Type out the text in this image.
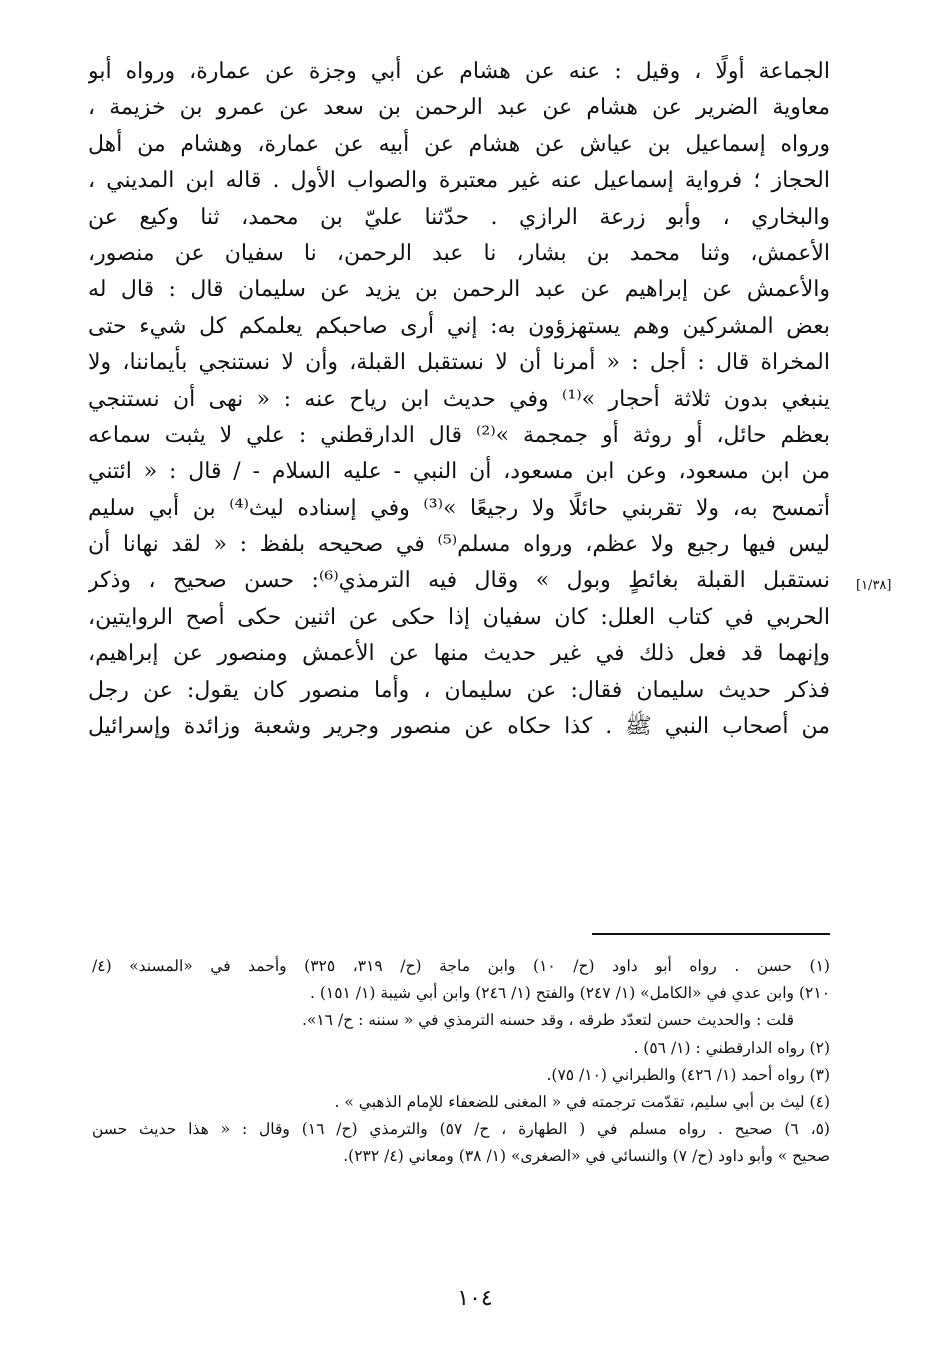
الجماعة أولًا ، وقيل : عنه عن هشام عن أبي وجزة عن عمارة، ورواه أبو
معاوية الضرير عن هشام عن عبد الرحمن بن سعد عن عمرو بن خزيمة ،
ورواه إسماعيل بن عياش عن هشام عن أبيه عن عمارة، وهشام من أهل
الحجاز ؛ فرواية إسماعيل عنه غير معتبرة والصواب الأول . قاله ابن المديني ،
والبخاري ، وأبو زرعة الرازي . حدّثنا عليّ بن محمد، ثنا وكيع عن
الأعمش، وثنا محمد بن بشار، نا عبد الرحمن، نا سفيان عن منصور،
والأعمش عن إبراهيم عن عبد الرحمن بن يزيد عن سليمان قال : قال له
بعض المشركين وهم يستهزؤون به: إني أرى صاحبكم يعلمكم كل شيء حتى
المخراة قال : أجل : « أمرنا أن لا نستقبل القبلة، وأن لا نستنجي بأيماننا، ولا
ينبغي بدون ثلاثة أحجار »⁽¹⁾ وفي حديث ابن رياح عنه : « نهى أن نستنجي
بعظم حائل، أو روثة أو جمجمة »⁽²⁾ قال الدارقطني : علي لا يثبت سماعه
من ابن مسعود، وعن ابن مسعود، أن النبي - عليه السلام - / قال : « ائتني
أتمسح به، ولا تقربني حائلًا ولا رجيعًا »⁽³⁾ وفي إسناده ليث⁽⁴⁾ بن أبي سليم
ليس فيها رجيع ولا عظم، ورواه مسلم⁽⁵⁾ في صحيحه بلفظ : « لقد نهانا أن
نستقبل القبلة بغائطٍ وبول » وقال فيه الترمذي⁽⁶⁾: حسن صحيح ، وذكر
الحربي في كتاب العلل: كان سفيان إذا حكى عن اثنين حكى أصح الروايتين،
وإنهما قد فعل ذلك في غير حديث منها عن الأعمش ومنصور عن إبراهيم،
فذكر حديث سليمان فقال: عن سليمان ، وأما منصور كان يقول: عن رجل
من أصحاب النبي ﷺ . كذا حكاه عن منصور وجرير وشعبة وزائدة وإسرائيل
[١/٣٨]
(١) حسن . رواه أبو داود (ح/ ١٠) وابن ماجة (ح/ ٣١٩، ٣٢٥) وأحمد في «المسند» (٤/
٢١٠) وابن عدي في «الكامل» (١/ ٢٤٧) والفتح (١/ ٢٤٦) وابن أبي شيبة (١/ ١٥١) .
قلت : والحديث حسن لتعدّد طرقه ، وقد حسنه الترمذي في « سننه : ح/ ١٦».
(٢) رواه الدارقطني : (١/ ٥٦) .
(٣) رواه أحمد (١/ ٤٢٦) والطبراني (١٠/ ٧٥).
(٤) ليث بن أبي سليم، تقدّمت ترجمته في « المغنى للضعفاء للإمام الذهبي » .
(٥، ٦) صحيح . رواه مسلم في ( الطهارة ، ح/ ٥٧) والترمذي (ح/ ١٦) وقال : « هذا حديث حسن
صحيح » وأبو داود (ح/ ٧) والنسائي في «الصغرى» (١/ ٣٨) ومعاني (٤/ ٢٣٢).
١٠٤
